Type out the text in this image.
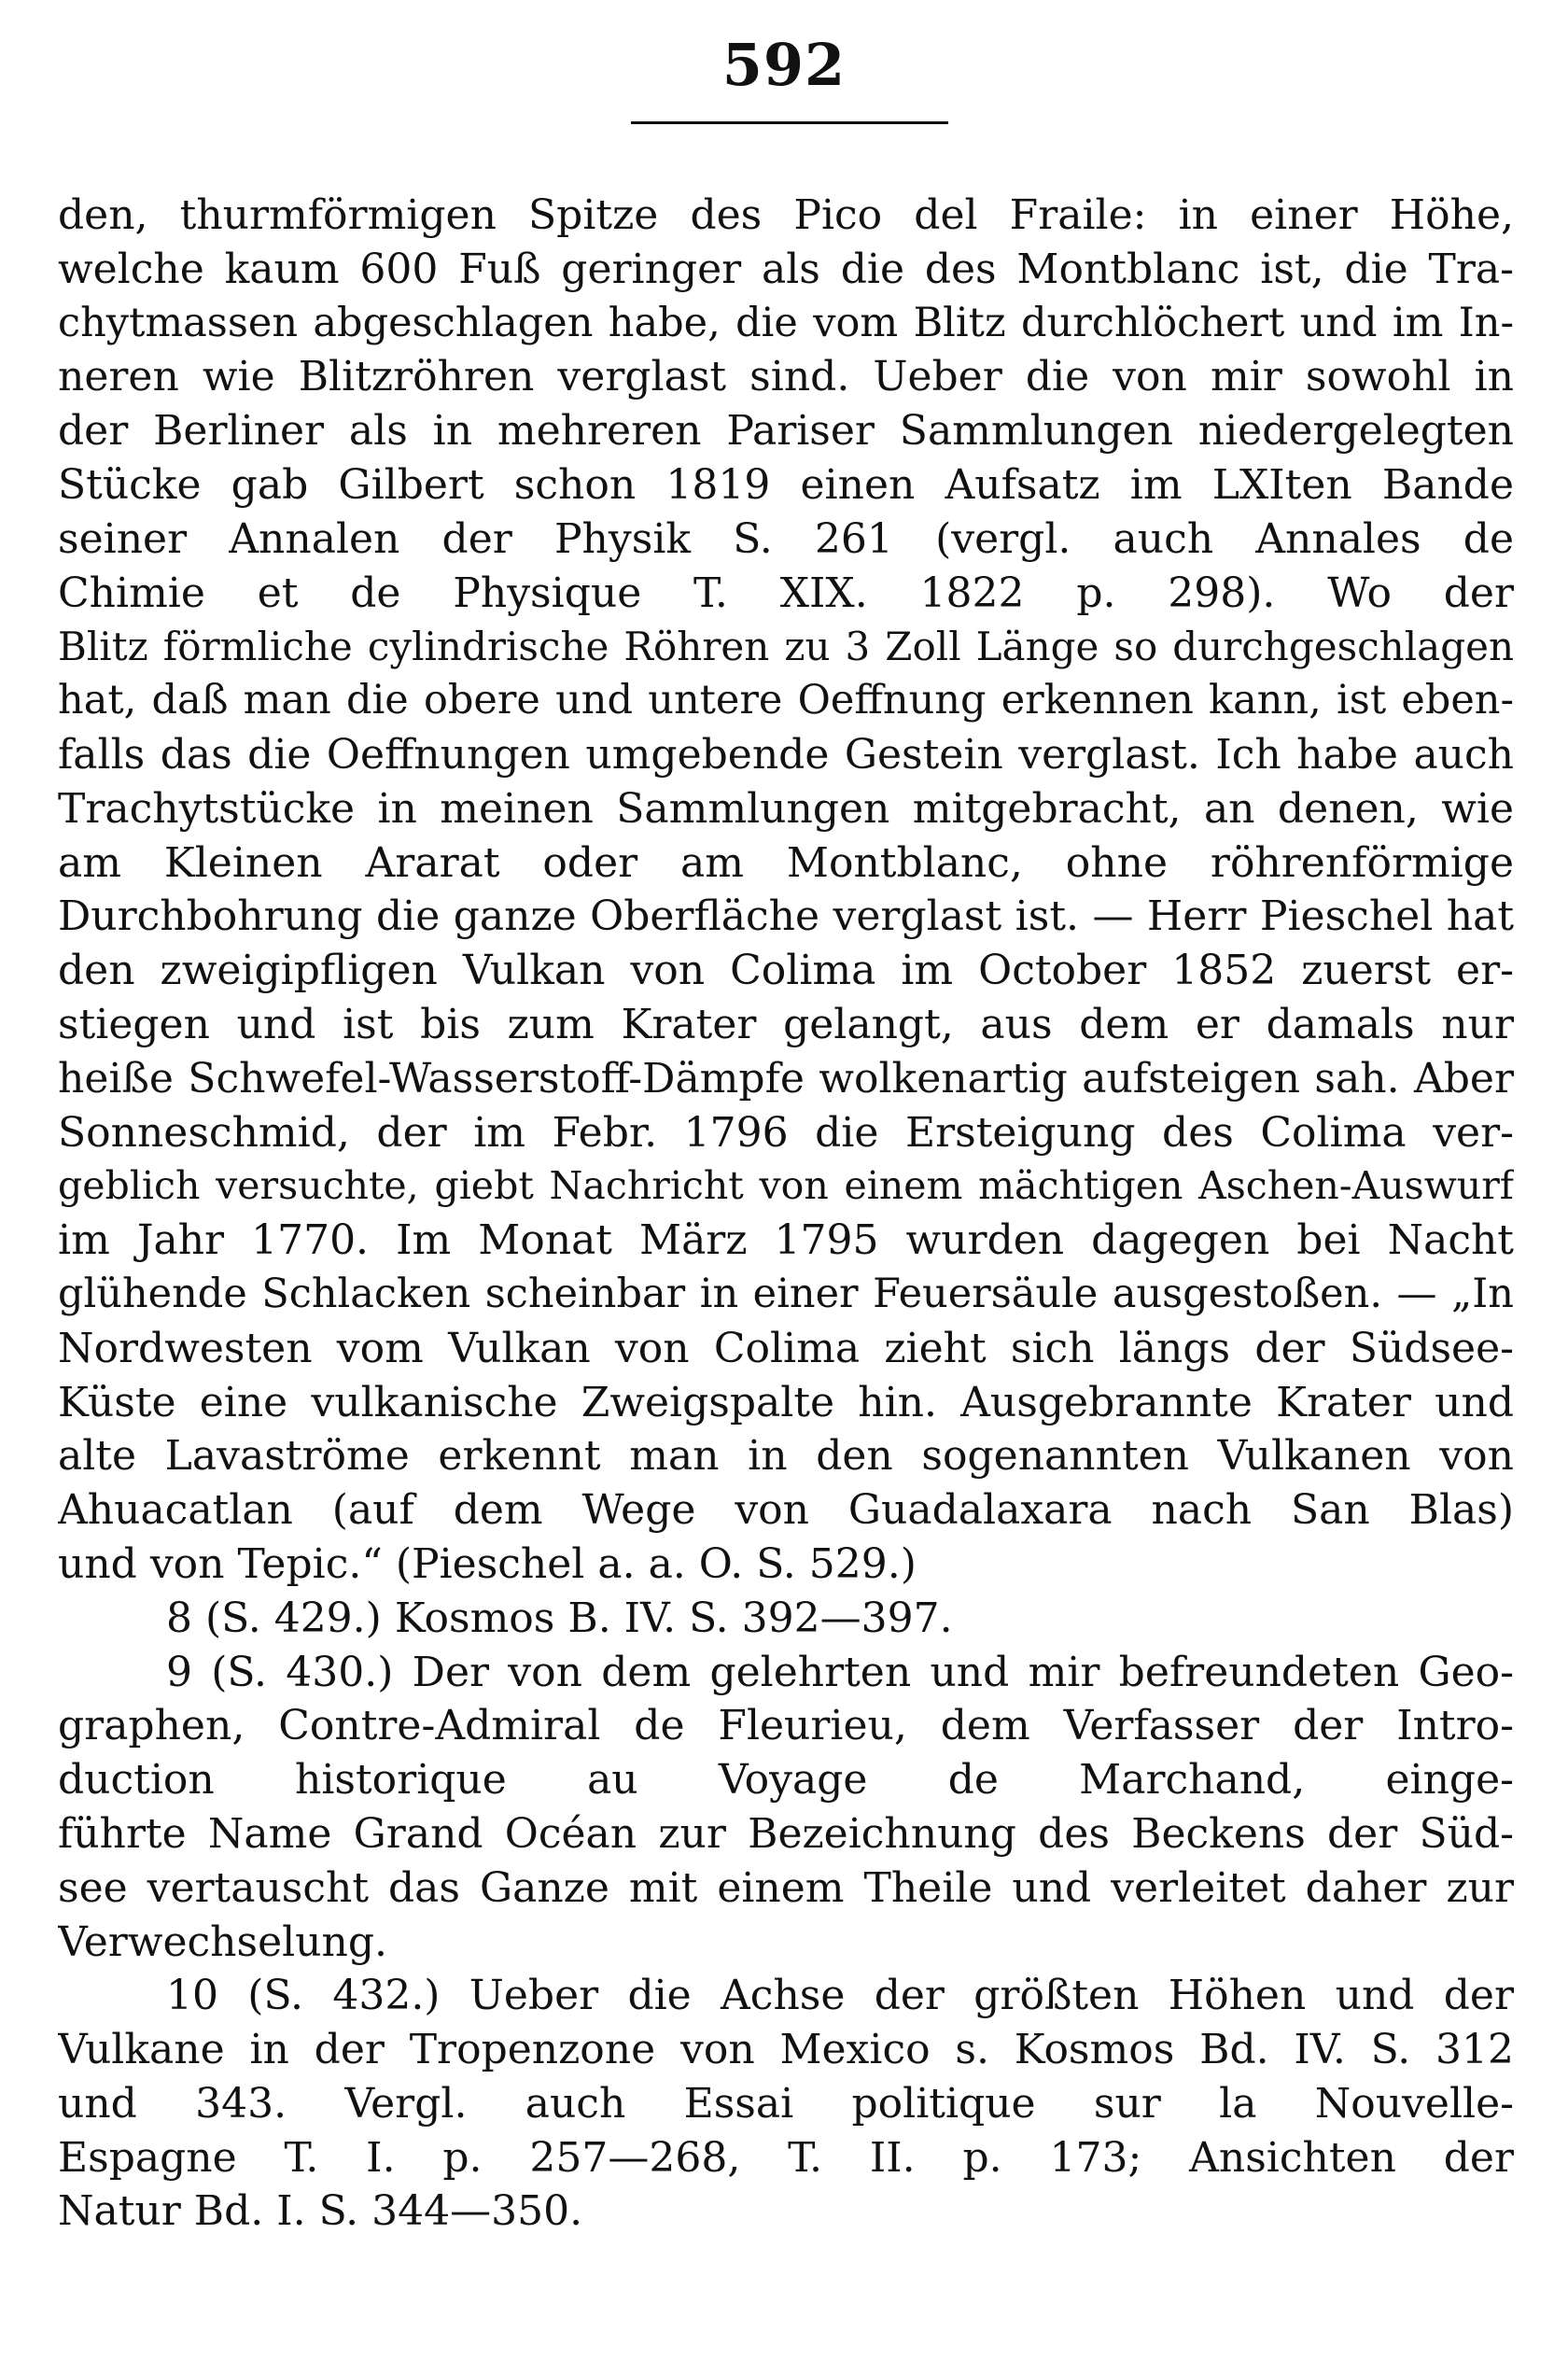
592
den, thurmförmigen Spitze des Pico del Fraile: in einer Höhe,
welche kaum 600 Fuß geringer als die des Montblanc ist, die Tra-
chytmassen abgeschlagen habe, die vom Blitz durchlöchert und im In-
neren wie Blitzröhren verglast sind. Ueber die von mir sowohl in
der Berliner als in mehreren Pariser Sammlungen niedergelegten
Stücke gab Gilbert schon 1819 einen Aufsatz im LXIten Bande
seiner Annalen der Physik S. 261 (vergl. auch Annales de
Chimie et de Physique T. XIX. 1822 p. 298). Wo der
Blitz förmliche cylindrische Röhren zu 3 Zoll Länge so durchgeschlagen
hat, daß man die obere und untere Oeffnung erkennen kann, ist eben-
falls das die Oeffnungen umgebende Gestein verglast. Ich habe auch
Trachytstücke in meinen Sammlungen mitgebracht, an denen, wie
am Kleinen Ararat oder am Montblanc, ohne röhrenförmige
Durchbohrung die ganze Oberfläche verglast ist. — Herr Pieschel hat
den zweigipfligen Vulkan von Colima im October 1852 zuerst er-
stiegen und ist bis zum Krater gelangt, aus dem er damals nur
heiße Schwefel-Wasserstoff-Dämpfe wolkenartig aufsteigen sah. Aber
Sonneschmid, der im Febr. 1796 die Ersteigung des Colima ver-
geblich versuchte, giebt Nachricht von einem mächtigen Aschen-Auswurf
im Jahr 1770. Im Monat März 1795 wurden dagegen bei Nacht
glühende Schlacken scheinbar in einer Feuersäule ausgestoßen. — „In
Nordwesten vom Vulkan von Colima zieht sich längs der Südsee-
Küste eine vulkanische Zweigspalte hin. Ausgebrannte Krater und
alte Lavaströme erkennt man in den sogenannten Vulkanen von
Ahuacatlan (auf dem Wege von Guadalaxara nach San Blas)
und von Tepic.“ (Pieschel a. a. O. S. 529.)
8 (S. 429.) Kosmos B. IV. S. 392—397.
9 (S. 430.) Der von dem gelehrten und mir befreundeten Geo-
graphen, Contre-Admiral de Fleurieu, dem Verfasser der Intro-
duction historique au Voyage de Marchand, einge-
führte Name Grand Océan zur Bezeichnung des Beckens der Süd-
see vertauscht das Ganze mit einem Theile und verleitet daher zur
Verwechselung.
10 (S. 432.) Ueber die Achse der größten Höhen und der
Vulkane in der Tropenzone von Mexico s. Kosmos Bd. IV. S. 312
und 343. Vergl. auch Essai politique sur la Nouvelle-
Espagne T. I. p. 257—268, T. II. p. 173; Ansichten der
Natur Bd. I. S. 344—350.
